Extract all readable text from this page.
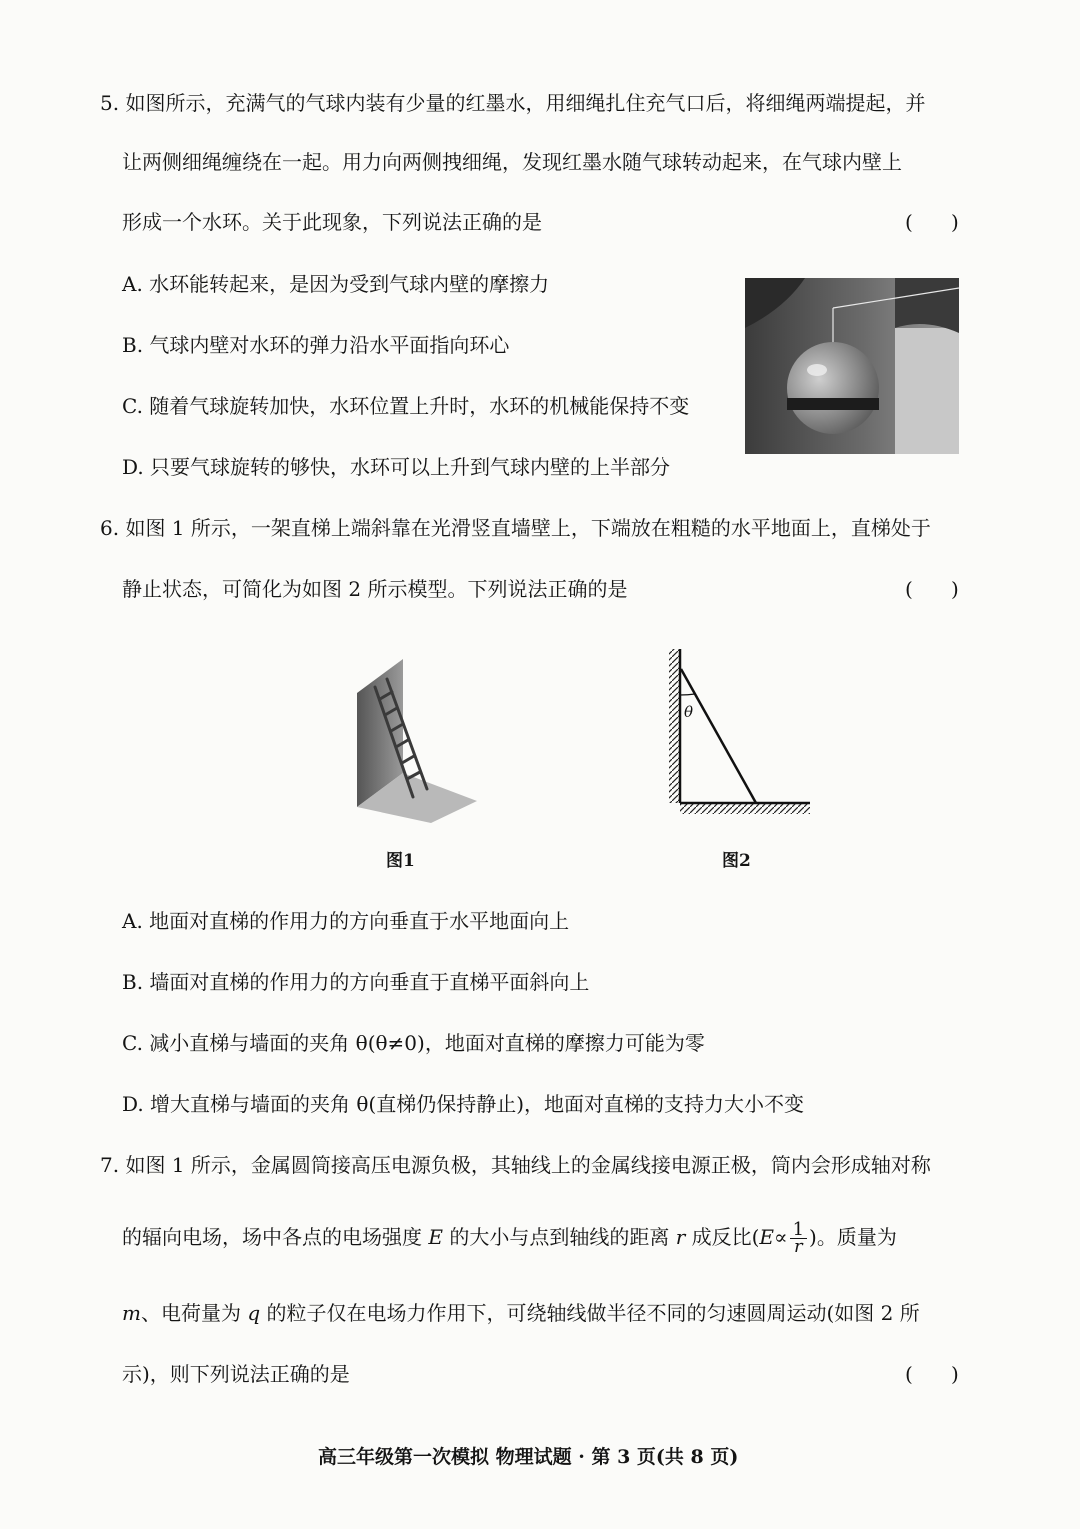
5. 如图所示，充满气的气球内装有少量的红墨水，用细绳扎住充气口后，将细绳两端提起，并
让两侧细绳缠绕在一起。用力向两侧拽细绳，发现红墨水随气球转动起来，在气球内壁上
形成一个水环。关于此现象，下列说法正确的是	(      )
A. 水环能转起来，是因为受到气球内壁的摩擦力
B. 气球内壁对水环的弹力沿水平面指向环心
C. 随着气球旋转加快，水环位置上升时，水环的机械能保持不变
D. 只要气球旋转的够快，水环可以上升到气球内壁的上半部分
6. 如图 1 所示，一架直梯上端斜靠在光滑竖直墙壁上，下端放在粗糙的水平地面上，直梯处于
静止状态，可简化为如图 2 所示模型。下列说法正确的是	(      )
图1
θ
图2
A. 地面对直梯的作用力的方向垂直于水平地面向上
B. 墙面对直梯的作用力的方向垂直于直梯平面斜向上
C. 减小直梯与墙面的夹角 θ(θ≠0)，地面对直梯的摩擦力可能为零
D. 增大直梯与墙面的夹角 θ(直梯仍保持静止)，地面对直梯的支持力大小不变
7. 如图 1 所示，金属圆筒接高压电源负极，其轴线上的金属线接电源正极，筒内会形成轴对称
的辐向电场，场中各点的电场强度 E 的大小与点到轴线的距离 r 成反比($E\propto \frac{1}{r}$ )。质量为
m、电荷量为 q 的粒子仅在电场力作用下，可绕轴线做半径不同的匀速圆周运动(如图 2 所
示)，则下列说法正确的是	(      )
高三年级第一次模拟 物理试题 · 第 3 页(共 8 页)
